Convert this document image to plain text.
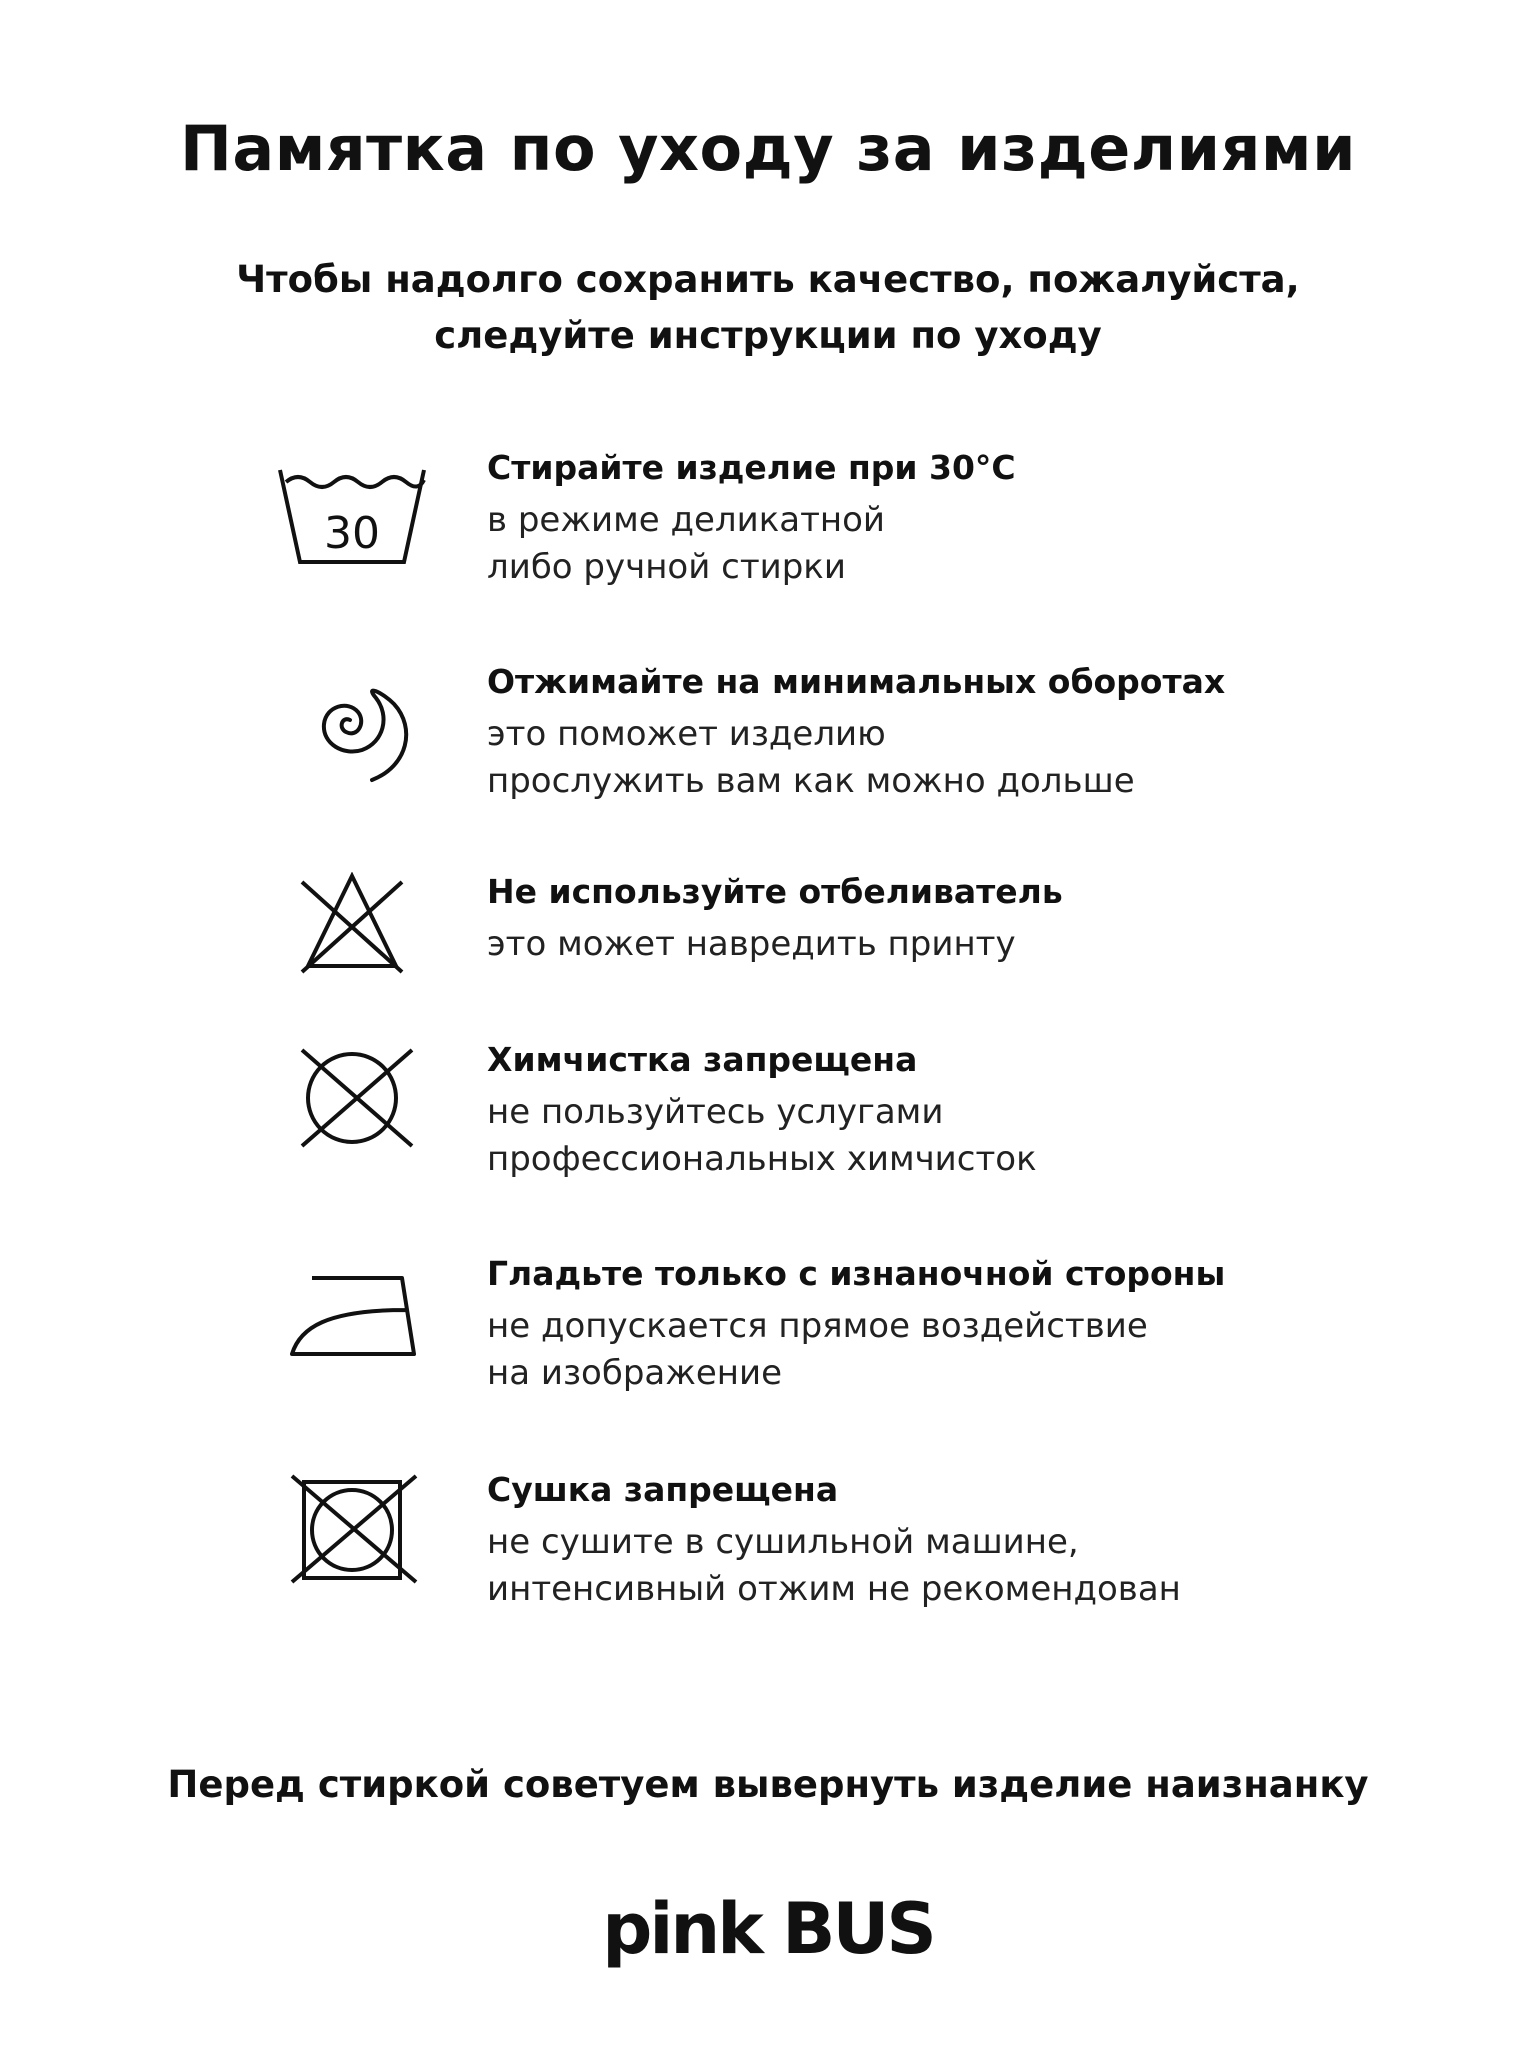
Памятка по уходу за изделиями
Чтобы надолго сохранить качество, пожалуйста,
следуйте инструкции по уходу
30
Стирайте изделие при 30°С
в режиме деликатной
либо ручной стирки
Отжимайте на минимальных оборотах
это поможет изделию
прослужить вам как можно дольше
Не используйте отбеливатель
это может навредить принту
Химчистка запрещена
не пользуйтесь услугами
профессиональных химчисток
Гладьте только с изнаночной стороны
не допускается прямое воздействие
на изображение
Сушка запрещена
не сушите в сушильной машине,
интенсивный отжим не рекомендован
Перед стиркой советуем вывернуть изделие наизнанку
pink BUS
